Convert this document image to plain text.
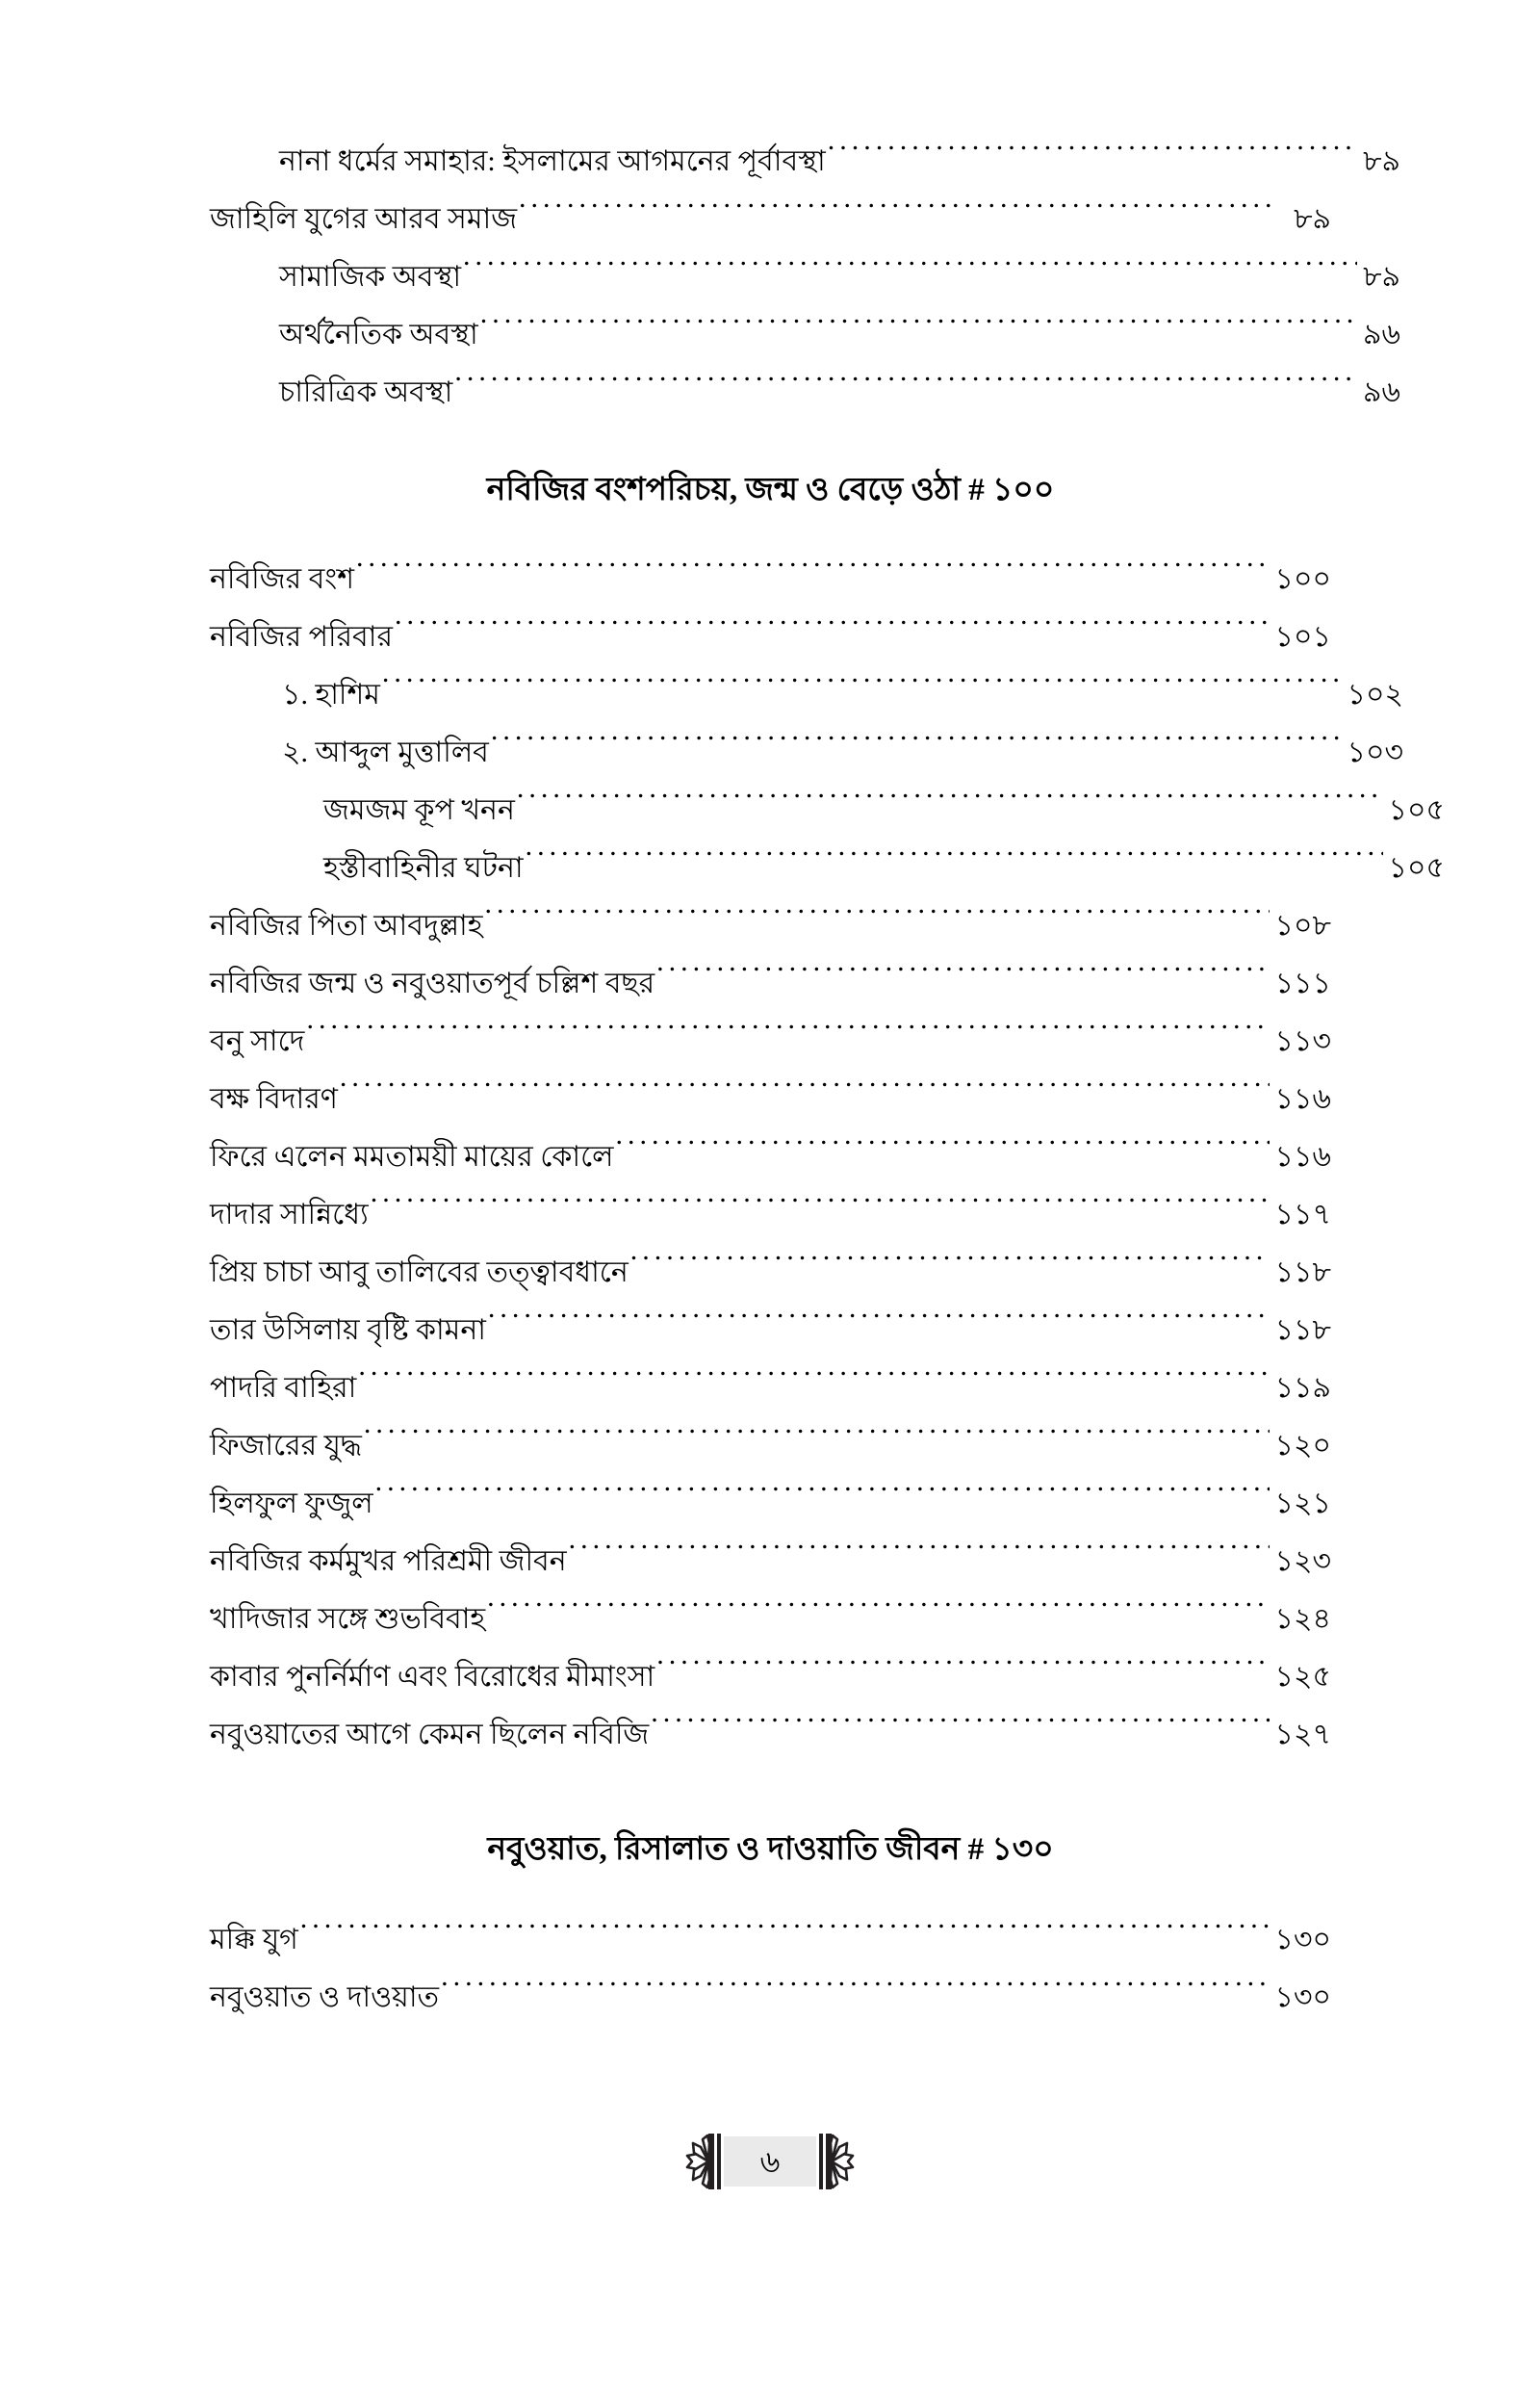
নানা ধর্মের সমাহার: ইসলামের আগমনের পূর্বাবস্থা .....	৮৯
জাহিলি যুগের আরব সমাজ .....	৮৯
সামাজিক অবস্থা .....	৮৯
অর্থনৈতিক অবস্থা .....	৯৬
চারিত্রিক অবস্থা .....	৯৬
নবিজির বংশপরিচয়, জন্ম ও বেড়ে ওঠা # ১০০
নবিজির বংশ .....	১০০
নবিজির পরিবার .....	১০১
১. হাশিম .....	১০২
২. আব্দুল মুত্তালিব .....	১০৩
জমজম কূপ খনন .....	১০৫
হস্তীবাহিনীর ঘটনা .....	১০৫
নবিজির পিতা আবদুল্লাহ .....	১০৮
নবিজির জন্ম ও নবুওয়াতপূর্ব চল্লিশ বছর .....	১১১
বনু সাদে .....	১১৩
বক্ষ বিদারণ .....	১১৬
ফিরে এলেন মমতাময়ী মায়ের কোলে .....	১১৬
দাদার সান্নিধ্যে .....	১১৭
প্রিয় চাচা আবু তালিবের তত্ত্বাবধানে .....	১১৮
তার উসিলায় বৃষ্টি কামনা .....	১১৮
পাদরি বাহিরা .....	১১৯
ফিজারের যুদ্ধ .....	১২০
হিলফুল ফুজুল .....	১২১
নবিজির কর্মমুখর পরিশ্রমী জীবন .....	১২৩
খাদিজার সঙ্গে শুভবিবাহ .....	১২৪
কাবার পুনর্নির্মাণ এবং বিরোধের মীমাংসা .....	১২৫
নবুওয়াতের আগে কেমন ছিলেন নবিজি .....	১২৭
নবুওয়াত, রিসালাত ও দাওয়াতি জীবন # ১৩০
মক্কি যুগ .....	১৩০
নবুওয়াত ও দাওয়াত .....	১৩০
৬
